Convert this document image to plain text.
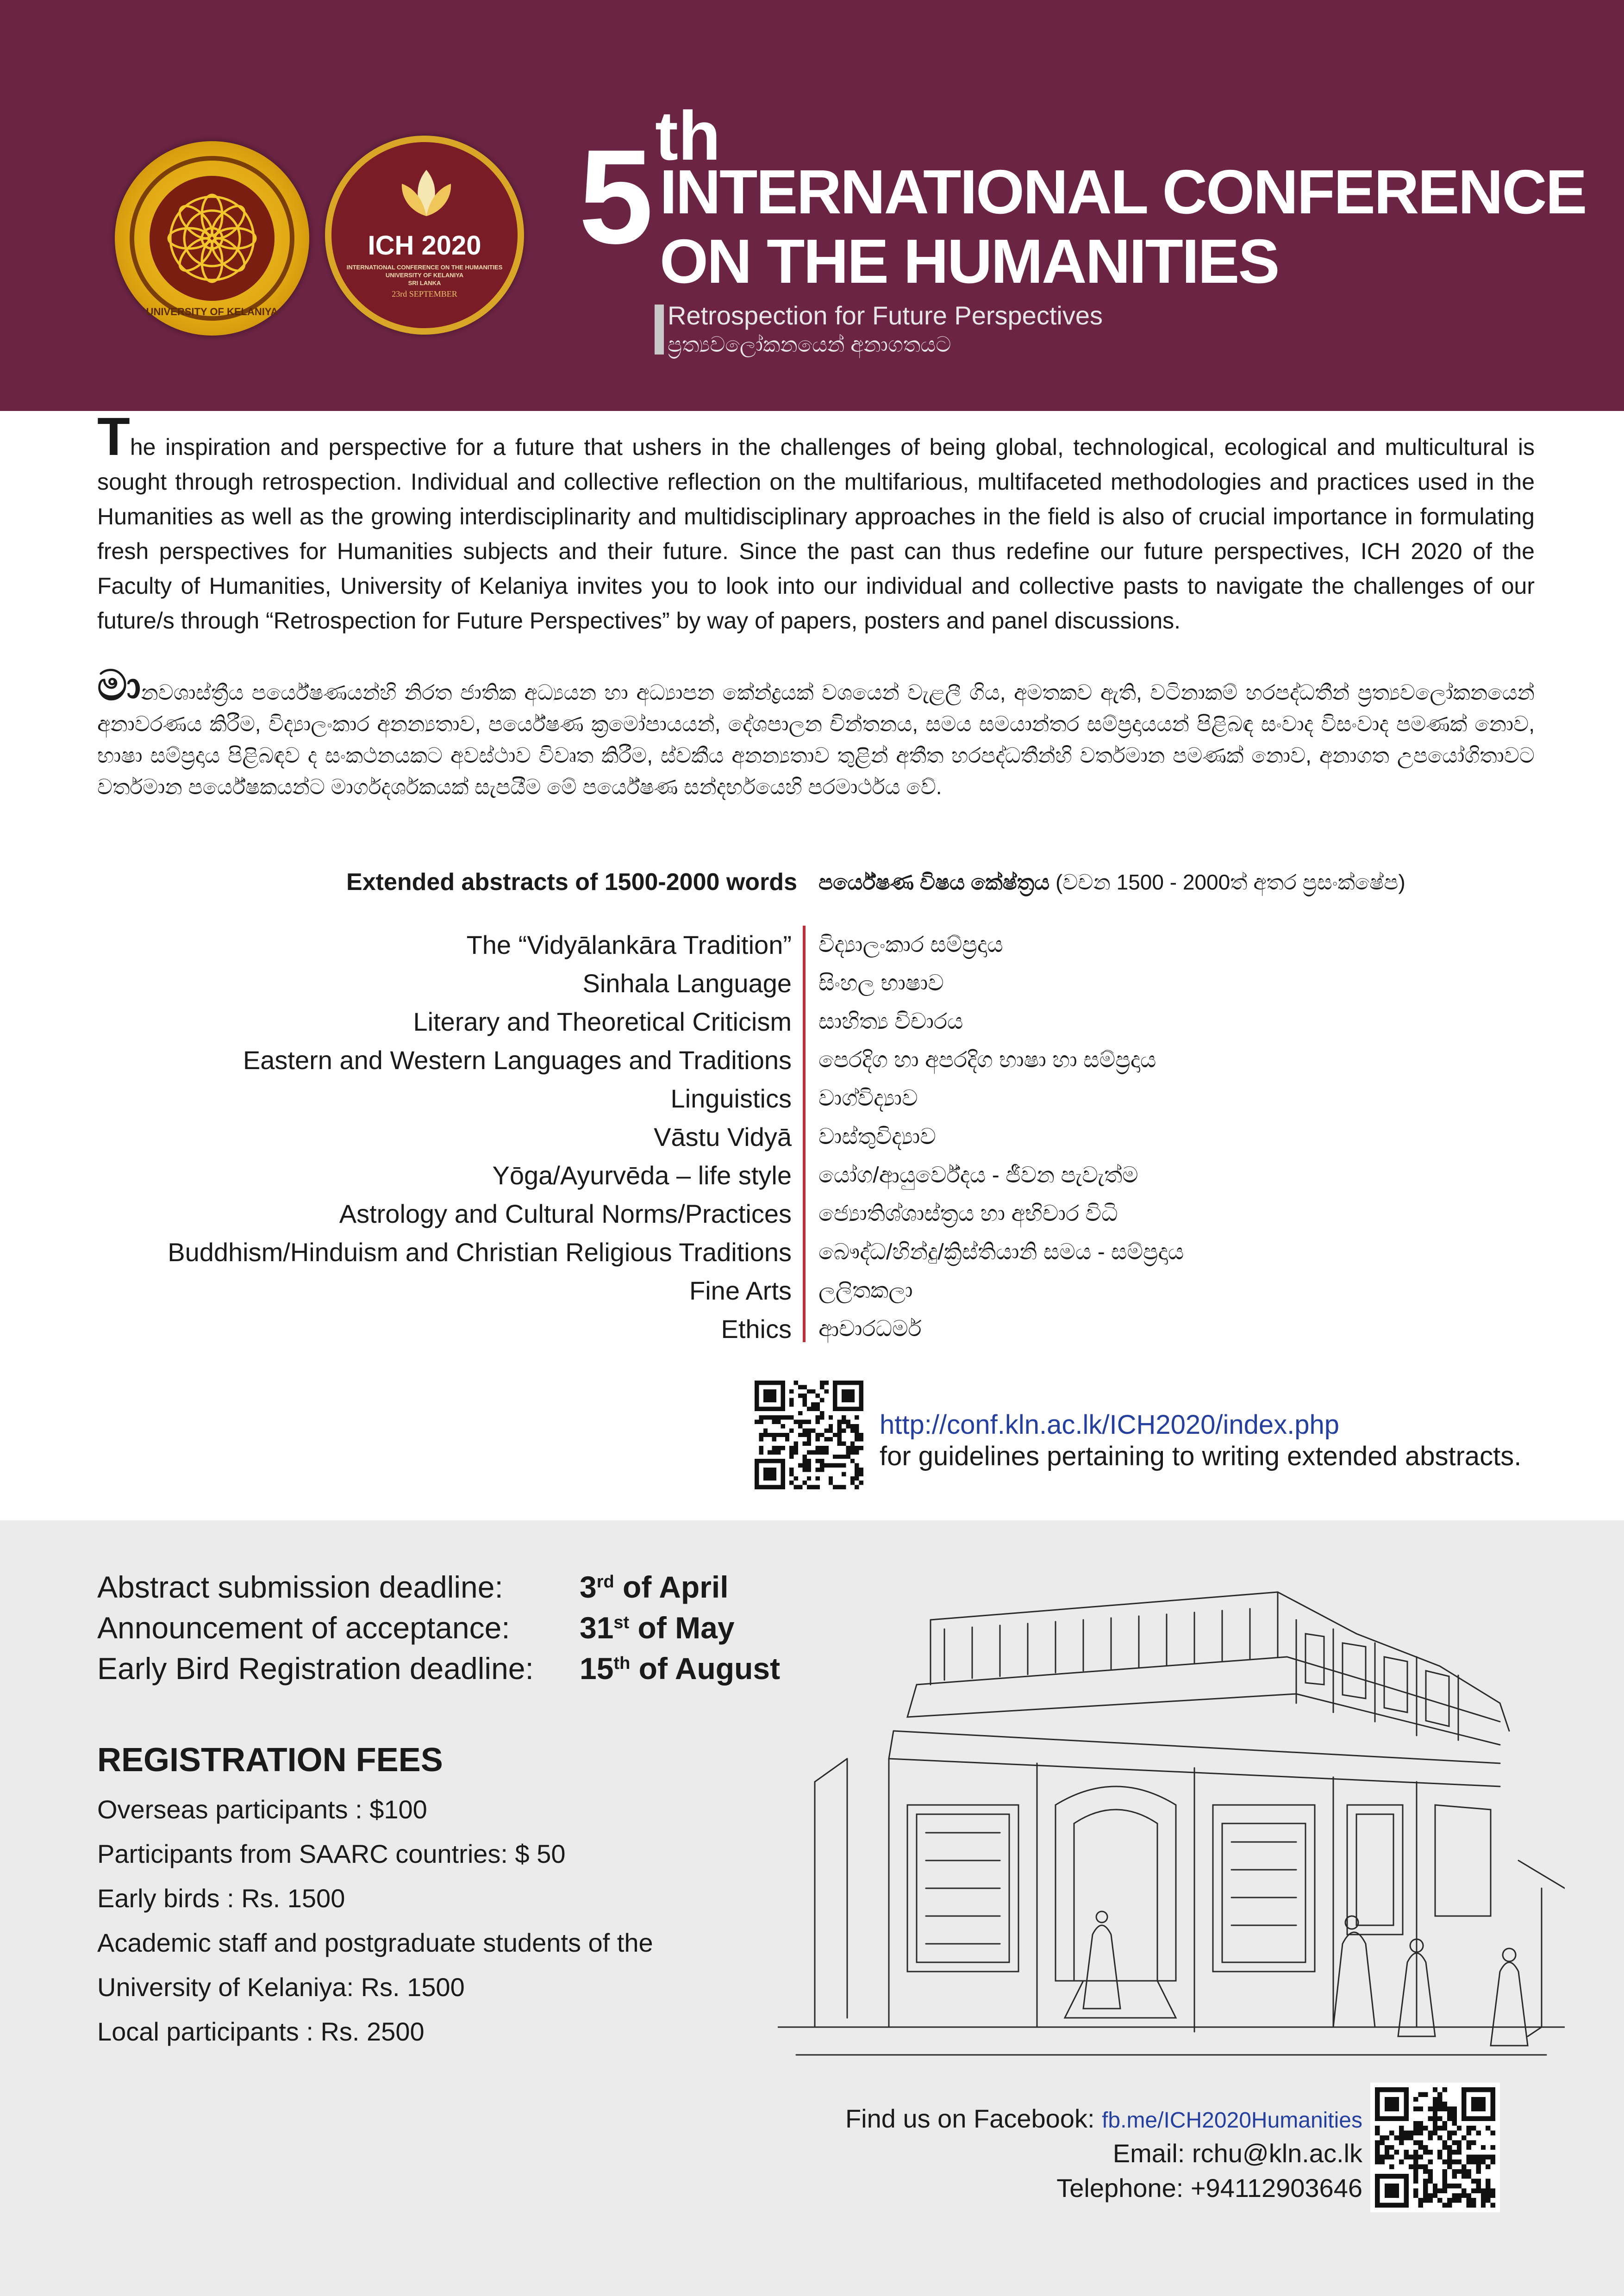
UNIVERSITY OF KELANIYA
ICH 2020
INTERNATIONAL CONFERENCE ON THE HUMANITIES
UNIVERSITY OF KELANIYA
SRI LANKA
23rd SEPTEMBER
5 th
INTERNATIONAL CONFERENCE
ON THE HUMANITIES
Retrospection for Future Perspectives
ප්‍රත්‍යවලෝකනයෙන් අනාගතයට

The inspiration and perspective for a future that ushers in the challenges of being global, technological, ecological and multicultural is sought through retrospection. Individual and collective reflection on the multifarious, multifaceted methodologies and practices used in the Humanities as well as the growing interdisciplinarity and multidisciplinary approaches in the field is also of crucial importance in formulating fresh perspectives for Humanities subjects and their future. Since the past can thus redefine our future perspectives, ICH 2020 of the Faculty of Humanities, University of Kelaniya invites you to look into our individual and collective pasts to navigate the challenges of our future/s through “Retrospection for Future Perspectives” by way of papers, posters and panel discussions.

මානවශාස්ත්‍රීය පර්යේෂණයන්හි නිරත ජාතික අධ්‍යයන හා අධ්‍යාපන කේන්ද්‍රයක් වශයෙන් වැළලී ගිය, අමතකව ඇති, වටිනාකම් හරපද්ධතීන් ප්‍රත්‍යවලෝකනයෙන් අනාවරණය කිරීම, විද්‍යාලංකාර අනන්‍යතාව, පර්යේෂණ ක්‍රමෝපායයන්, දේශපාලන චින්තනය, සමය සමයාන්තර සම්ප්‍රදායයන් පිළිබඳ සංවාද විසංවාද පමණක් නොව, භාෂා සම්ප්‍රදාය පිළිබඳව ද සංකථනයකට අවස්ථාව විවෘත කිරීම, ස්වකීය අනන්‍යතාව තුළින් අතීත හරපද්ධතීන්හි වර්තමාන පමණක් නොව, අනාගත උපයෝගිතාවට වර්තමාන පර්යේෂකයන්ට මාර්ගදර්ශකයක් සැපයීම මේ පර්යේෂණ සන්දර්භයෙහි පරමාර්ථය වේ.

Extended abstracts of 1500-2000 words පර්යේෂණ විෂය කේෂ්ත්‍රය (වචන 1500 - 2000ත් අතර ප්‍රසංක්ෂේප)
The “Vidyālankāra Tradition” විද්‍යාලංකාර සම්ප්‍රදාය
Sinhala Language සිංහල භාෂාව
Literary and Theoretical Criticism සාහිත්‍ය විචාරය
Eastern and Western Languages and Traditions පෙරදිග හා අපරදිග භාෂා හා සම්ප්‍රදාය
Linguistics වාග්විද්‍යාව
Vāstu Vidyā වාස්තුවිද්‍යාව
Yōga/Ayurvēda – life style යෝග/ආයුර්වේදය - ජීවන පැවැත්ම
Astrology and Cultural Norms/Practices ජ්‍යොතිශ්ශාස්ත්‍රය හා අභිචාර විධි
Buddhism/Hinduism and Christian Religious Traditions බෞද්ධ/හින්දු/ක්‍රිස්තියානි සමය - සම්ප්‍රදාය
Fine Arts ලලිතකලා
Ethics ආචාරධර්ම
http://conf.kln.ac.lk/ICH2020/index.php
for guidelines pertaining to writing extended abstracts.
Abstract submission deadline:	3rd of April
Announcement of acceptance: 31st of May
Early Bird Registration deadline: 15th of August
REGISTRATION FEES
Overseas participants : $100
Participants from SAARC countries: $ 50
Early birds : Rs. 1500
Academic staff and postgraduate students of the
University of Kelaniya: Rs. 1500
Local participants : Rs. 2500
Find us on Facebook: fb.me/ICH2020Humanities
Email: rchu@kln.ac.lk
Telephone: +94112903646
